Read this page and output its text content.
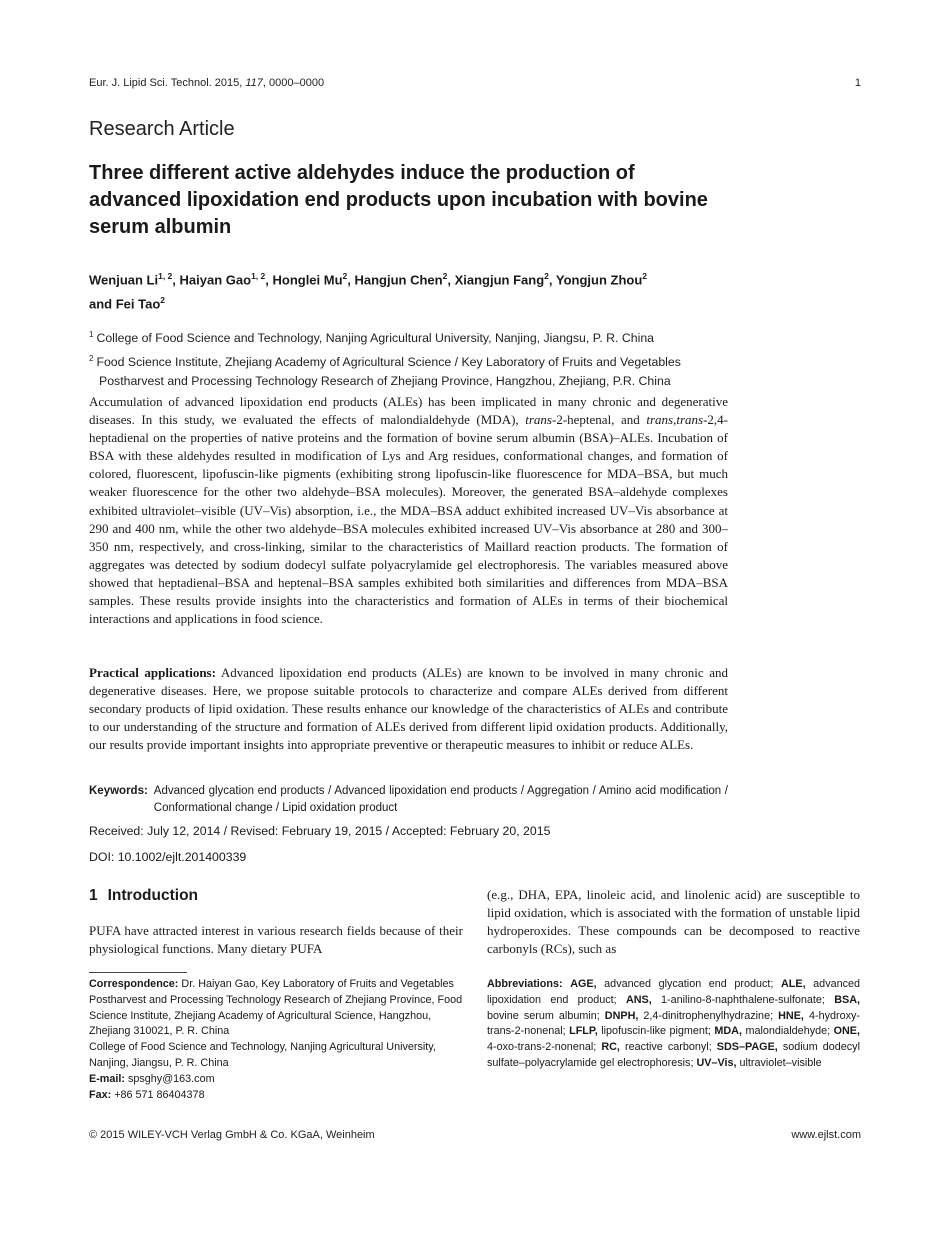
Eur. J. Lipid Sci. Technol. 2015, 117, 0000–0000	1
Research Article
Three different active aldehydes induce the production of advanced lipoxidation end products upon incubation with bovine serum albumin
Wenjuan Li$^{1, 2}$, Haiyan Gao$^{1, 2}$, Honglei Mu$^2$, Hangjun Chen$^2$, Xiangjun Fang$^2$, Yongjun Zhou$^2$
and Fei Tao$^2$
$^1$ College of Food Science and Technology, Nanjing Agricultural University, Nanjing, Jiangsu, P. R. China
$^2$ Food Science Institute, Zhejiang Academy of Agricultural Science / Key Laboratory of Fruits and Vegetables Postharvest and Processing Technology Research of Zhejiang Province, Hangzhou, Zhejiang, P.R. China
Accumulation of advanced lipoxidation end products (ALEs) has been implicated in many chronic and degenerative diseases. In this study, we evaluated the effects of malondialdehyde (MDA), trans-2-heptenal, and trans,trans-2,4-heptadienal on the properties of native proteins and the formation of bovine serum albumin (BSA)–ALEs. Incubation of BSA with these aldehydes resulted in modification of Lys and Arg residues, conformational changes, and formation of colored, fluorescent, lipofuscin-like pigments (exhibiting strong lipofuscin-like fluorescence for MDA–BSA, but much weaker fluorescence for the other two aldehyde–BSA molecules). Moreover, the generated BSA–aldehyde complexes exhibited ultraviolet–visible (UV–Vis) absorption, i.e., the MDA–BSA adduct exhibited increased UV–Vis absorbance at 290 and 400 nm, while the other two aldehyde–BSA molecules exhibited increased UV–Vis absorbance at 280 and 300–350 nm, respectively, and cross-linking, similar to the characteristics of Maillard reaction products. The formation of aggregates was detected by sodium dodecyl sulfate polyacrylamide gel electrophoresis. The variables measured above showed that heptadienal–BSA and heptenal–BSA samples exhibited both similarities and differences from MDA–BSA samples. These results provide insights into the characteristics and formation of ALEs in terms of their biochemical interactions and applications in food science.
Practical applications: Advanced lipoxidation end products (ALEs) are known to be involved in many chronic and degenerative diseases. Here, we propose suitable protocols to characterize and compare ALEs derived from different secondary products of lipid oxidation. These results enhance our knowledge of the characteristics of ALEs and contribute to our understanding of the structure and formation of ALEs derived from different lipid oxidation products. Additionally, our results provide important insights into appropriate preventive or therapeutic measures to inhibit or reduce ALEs.
Keywords: Advanced glycation end products / Advanced lipoxidation end products / Aggregation / Amino acid modification / Conformational change / Lipid oxidation product
Received: July 12, 2014 / Revised: February 19, 2015 / Accepted: February 20, 2015
DOI: 10.1002/ejlt.201400339
1 Introduction
PUFA have attracted interest in various research fields because of their physiological functions. Many dietary PUFA
(e.g., DHA, EPA, linoleic acid, and linolenic acid) are susceptible to lipid oxidation, which is associated with the formation of unstable lipid hydroperoxides. These compounds can be decomposed to reactive carbonyls (RCs), such as
Correspondence: Dr. Haiyan Gao, Key Laboratory of Fruits and Vegetables Postharvest and Processing Technology Research of Zhejiang Province, Food Science Institute, Zhejiang Academy of Agricultural Science, Hangzhou, Zhejiang 310021, P. R. China
College of Food Science and Technology, Nanjing Agricultural University, Nanjing, Jiangsu, P. R. China
E-mail: spsghy@163.com
Fax: +86 571 86404378
Abbreviations: AGE, advanced glycation end product; ALE, advanced lipoxidation end product; ANS, 1-anilino-8-naphthalene-sulfonate; BSA, bovine serum albumin; DNPH, 2,4-dinitrophenylhydrazine; HNE, 4-hydroxy-trans-2-nonenal; LFLP, lipofuscin-like pigment; MDA, malondialdehyde; ONE, 4-oxo-trans-2-nonenal; RC, reactive carbonyl; SDS–PAGE, sodium dodecyl sulfate–polyacrylamide gel electrophoresis; UV–Vis, ultraviolet–visible
© 2015 WILEY-VCH Verlag GmbH & Co. KGaA, Weinheim	www.ejlst.com
